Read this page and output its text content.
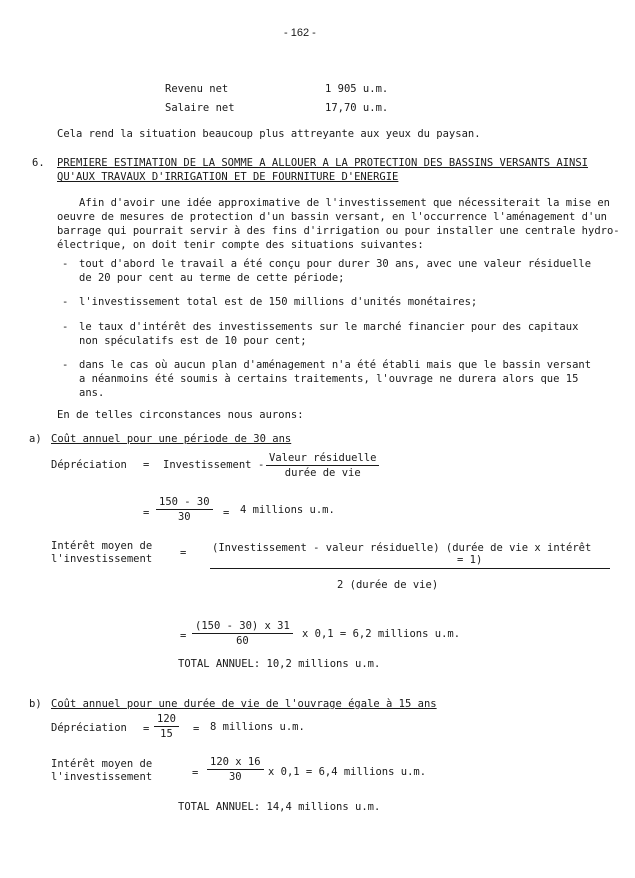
- 162 -
Revenu net	1 905 u.m.
Salaire net	17,70 u.m.
Cela rend la situation beaucoup plus attreyante aux yeux du paysan.
6. PREMIERE ESTIMATION DE LA SOMME A ALLOUER A LA PROTECTION DES BASSINS VERSANTS AINSI
QU'AUX TRAVAUX D'IRRIGATION ET DE FOURNITURE D'ENERGIE
Afin d'avoir une idée approximative de l'investissement que nécessiterait la mise en
oeuvre de mesures de protection d'un bassin versant, en l'occurrence l'aménagement d'un
barrage qui pourrait servir à des fins d'irrigation ou pour installer une centrale hydro-
électrique, on doit tenir compte des situations suivantes:
- tout d'abord le travail a été conçu pour durer 30 ans, avec une valeur résiduelle
de 20 pour cent au terme de cette période;
- l'investissement total est de 150 millions d'unités monétaires;
- le taux d'intérêt des investissements sur le marché financier pour des capitaux
non spéculatifs est de 10 pour cent;
- dans le cas où aucun plan d'aménagement n'a été établi mais que le bassin versant
a néanmoins été soumis à certains traitements, l'ouvrage ne durera alors que 15
ans.
En de telles circonstances nous aurons:
a) Coût annuel pour une période de 30 ans
Dépréciation = Investissement -
Valeur résiduelle
durée de vie
= $\frac{150 - 30}{30} = 4$ millions u.m.
Intérêt moyen de
l'investissement	= (Investissement - valeur résiduelle) (durée de vie x intérêt
= 1)
2 (durée de vie)
= $\frac{(150 - 30) x 31}{60}$ x 0,1 = 6,2 millions u.m.
TOTAL ANNUEL: 10,2 millions u.m.
b) Coût annuel pour une durée de vie de l'ouvrage égale à 15 ans
Dépréciation = $\frac{120}{15} = 8$ millions u.m.
Intérêt moyen de
l'investissement	= $\frac{120 x 16}{30}$ x 0,1 = 6,4 millions u.m.
TOTAL ANNUEL: 14,4 millions u.m.
